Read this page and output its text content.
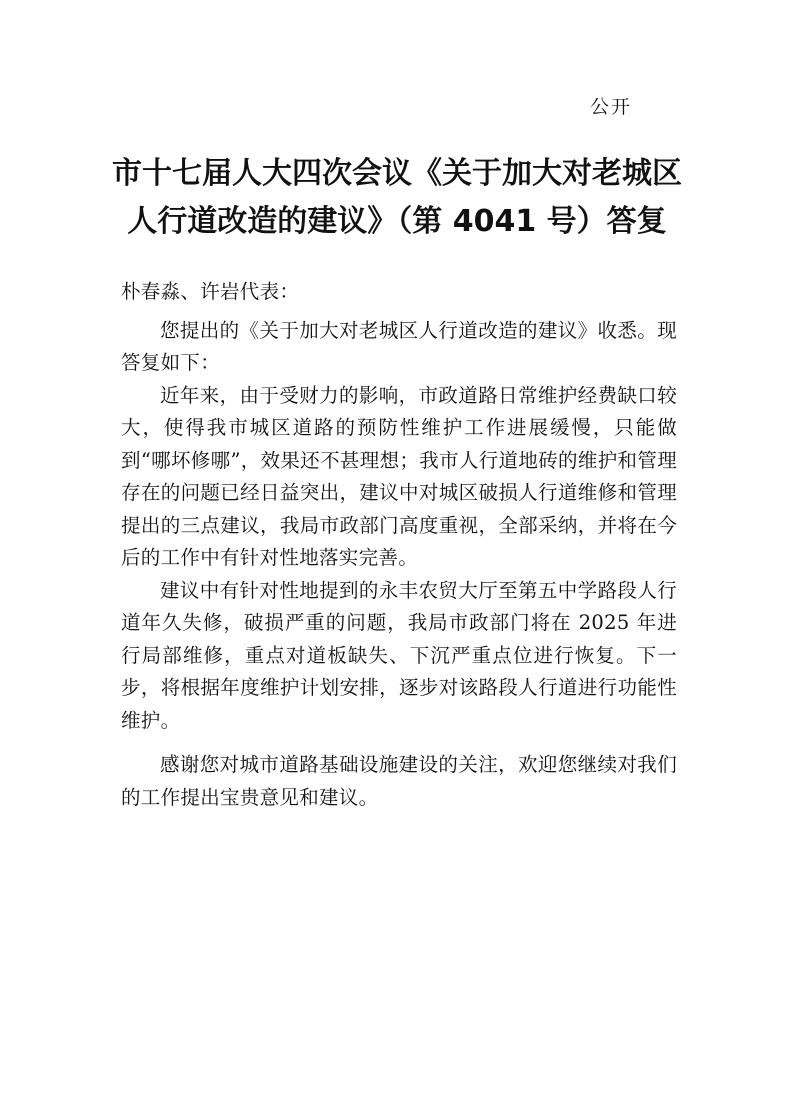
公开
市十七届人大四次会议《关于加大对老城区
人行道改造的建议》（第 4041 号）答复

朴春淼、许岩代表：

您提出的《关于加大对老城区人行道改造的建议》收悉。现答复如下：

近年来，由于受财力的影响，市政道路日常维护经费缺口较大，使得我市城区道路的预防性维护工作进展缓慢，只能做到“哪坏修哪”，效果还不甚理想；我市人行道地砖的维护和管理存在的问题已经日益突出，建议中对城区破损人行道维修和管理提出的三点建议，我局市政部门高度重视，全部采纳，并将在今后的工作中有针对性地落实完善。

建议中有针对性地提到的永丰农贸大厅至第五中学路段人行道年久失修，破损严重的问题，我局市政部门将在 2025 年进行局部维修，重点对道板缺失、下沉严重点位进行恢复。下一步，将根据年度维护计划安排，逐步对该路段人行道进行功能性维护。

感谢您对城市道路基础设施建设的关注，欢迎您继续对我们的工作提出宝贵意见和建议。
